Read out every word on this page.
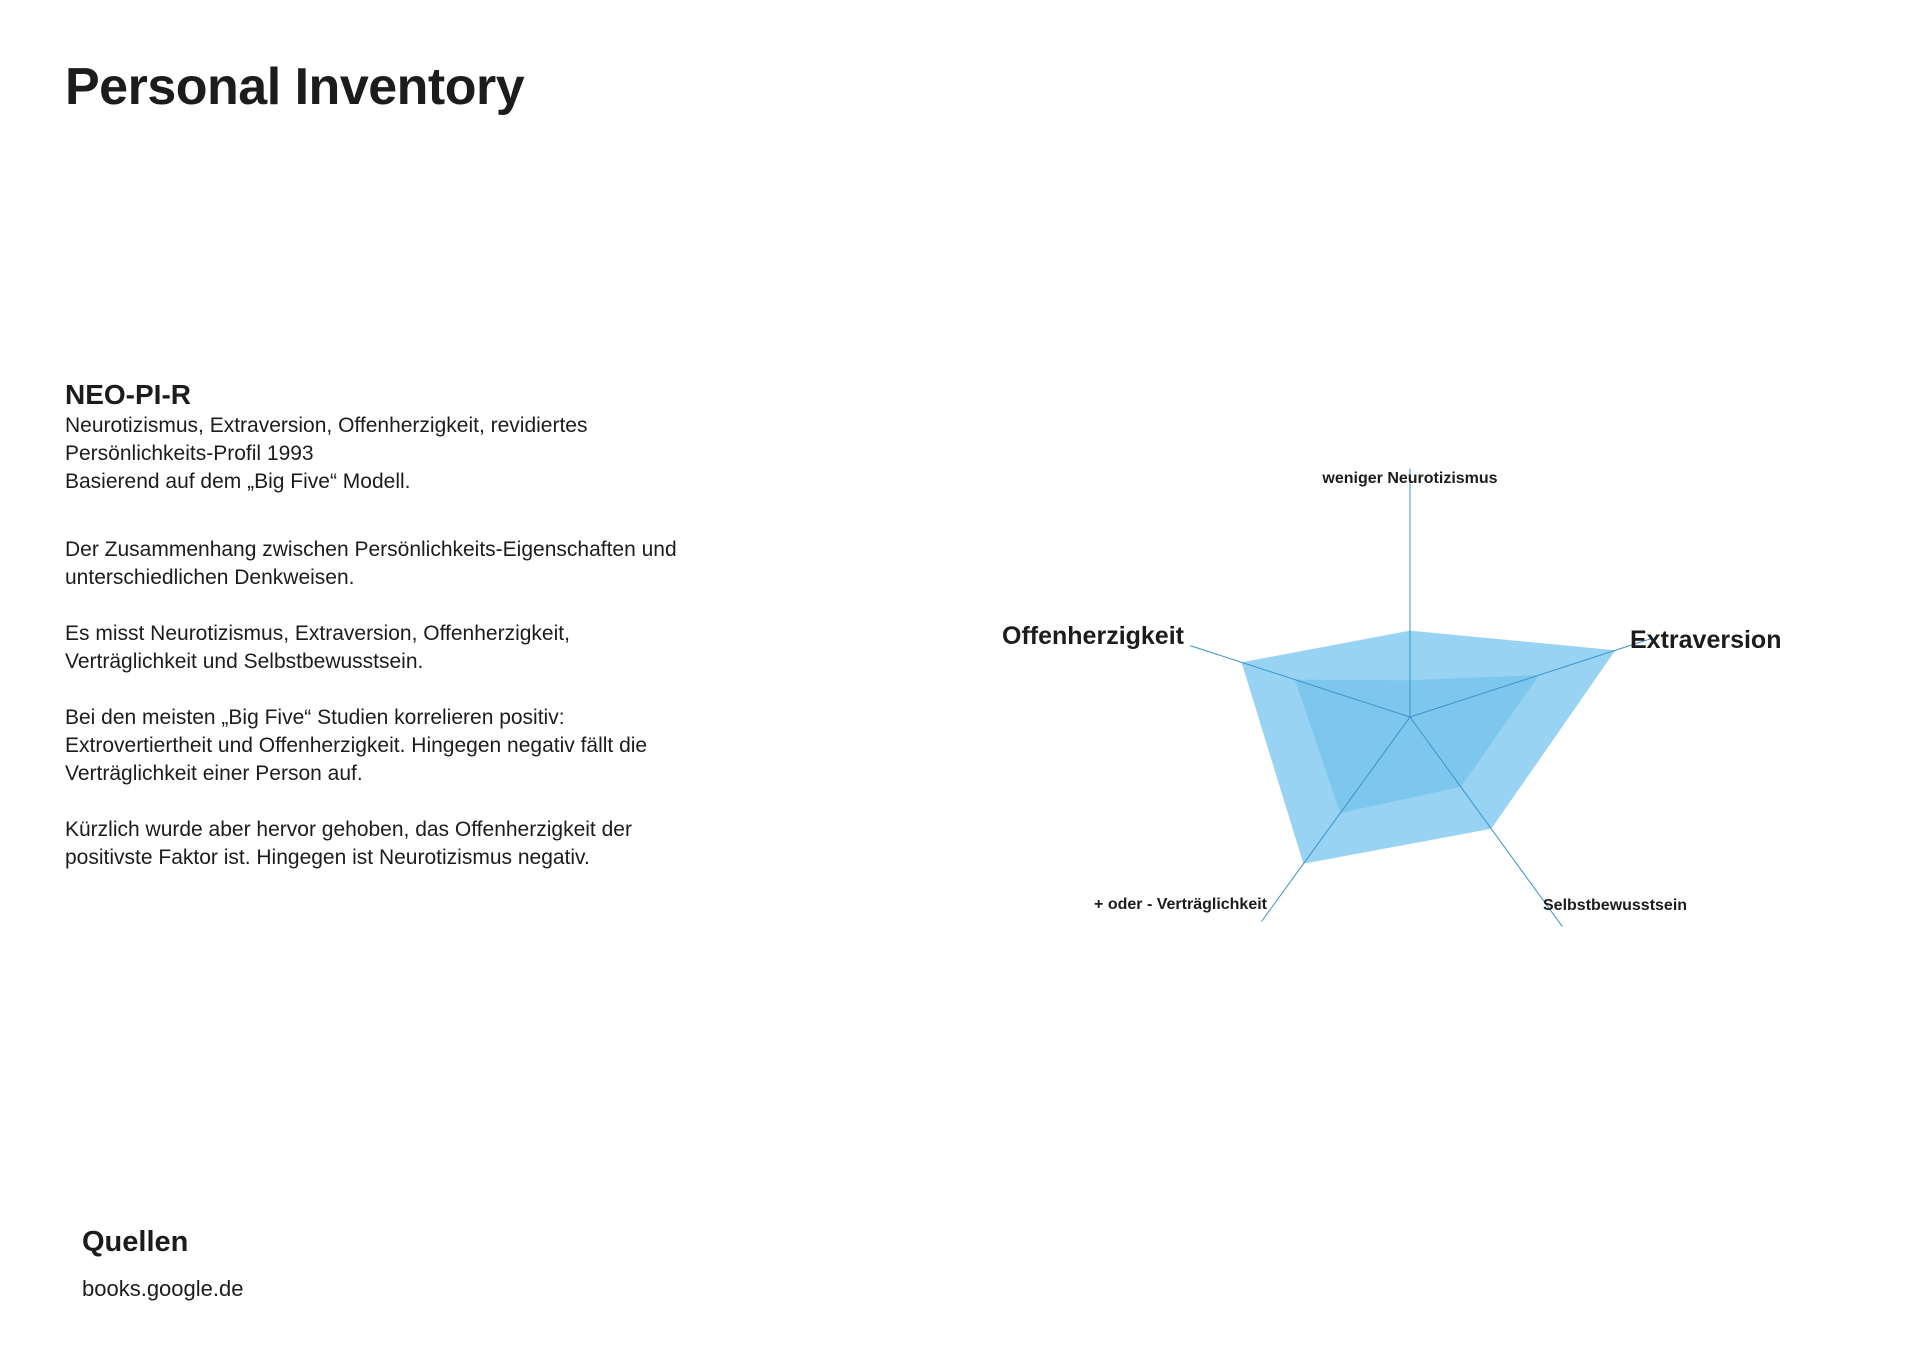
Personal Inventory
NEO-PI-R

Neurotizismus, Extraversion, Offenherzigkeit, revidiertes
Persönlichkeits-Profil 1993
Basierend auf dem „Big Five“ Modell.

Der Zusammenhang zwischen Persönlichkeits-Eigenschaften und
unterschiedlichen Denkweisen.

Es misst Neurotizismus, Extraversion, Offenherzigkeit,
Verträglichkeit und Selbstbewusstsein.

Bei den meisten „Big Five“ Studien korrelieren positiv:
Extrovertiertheit und Offenherzigkeit. Hingegen negativ fällt die
Verträglichkeit einer Person auf.

Kürzlich wurde aber hervor gehoben, das Offenherzigkeit der
positivste Faktor ist. Hingegen ist Neurotizismus negativ.

weniger Neurotizismus
Extraversion
Selbstbewusstsein
+ oder - Verträglichkeit
Offenherzigkeit
Quellen
books.google.de
